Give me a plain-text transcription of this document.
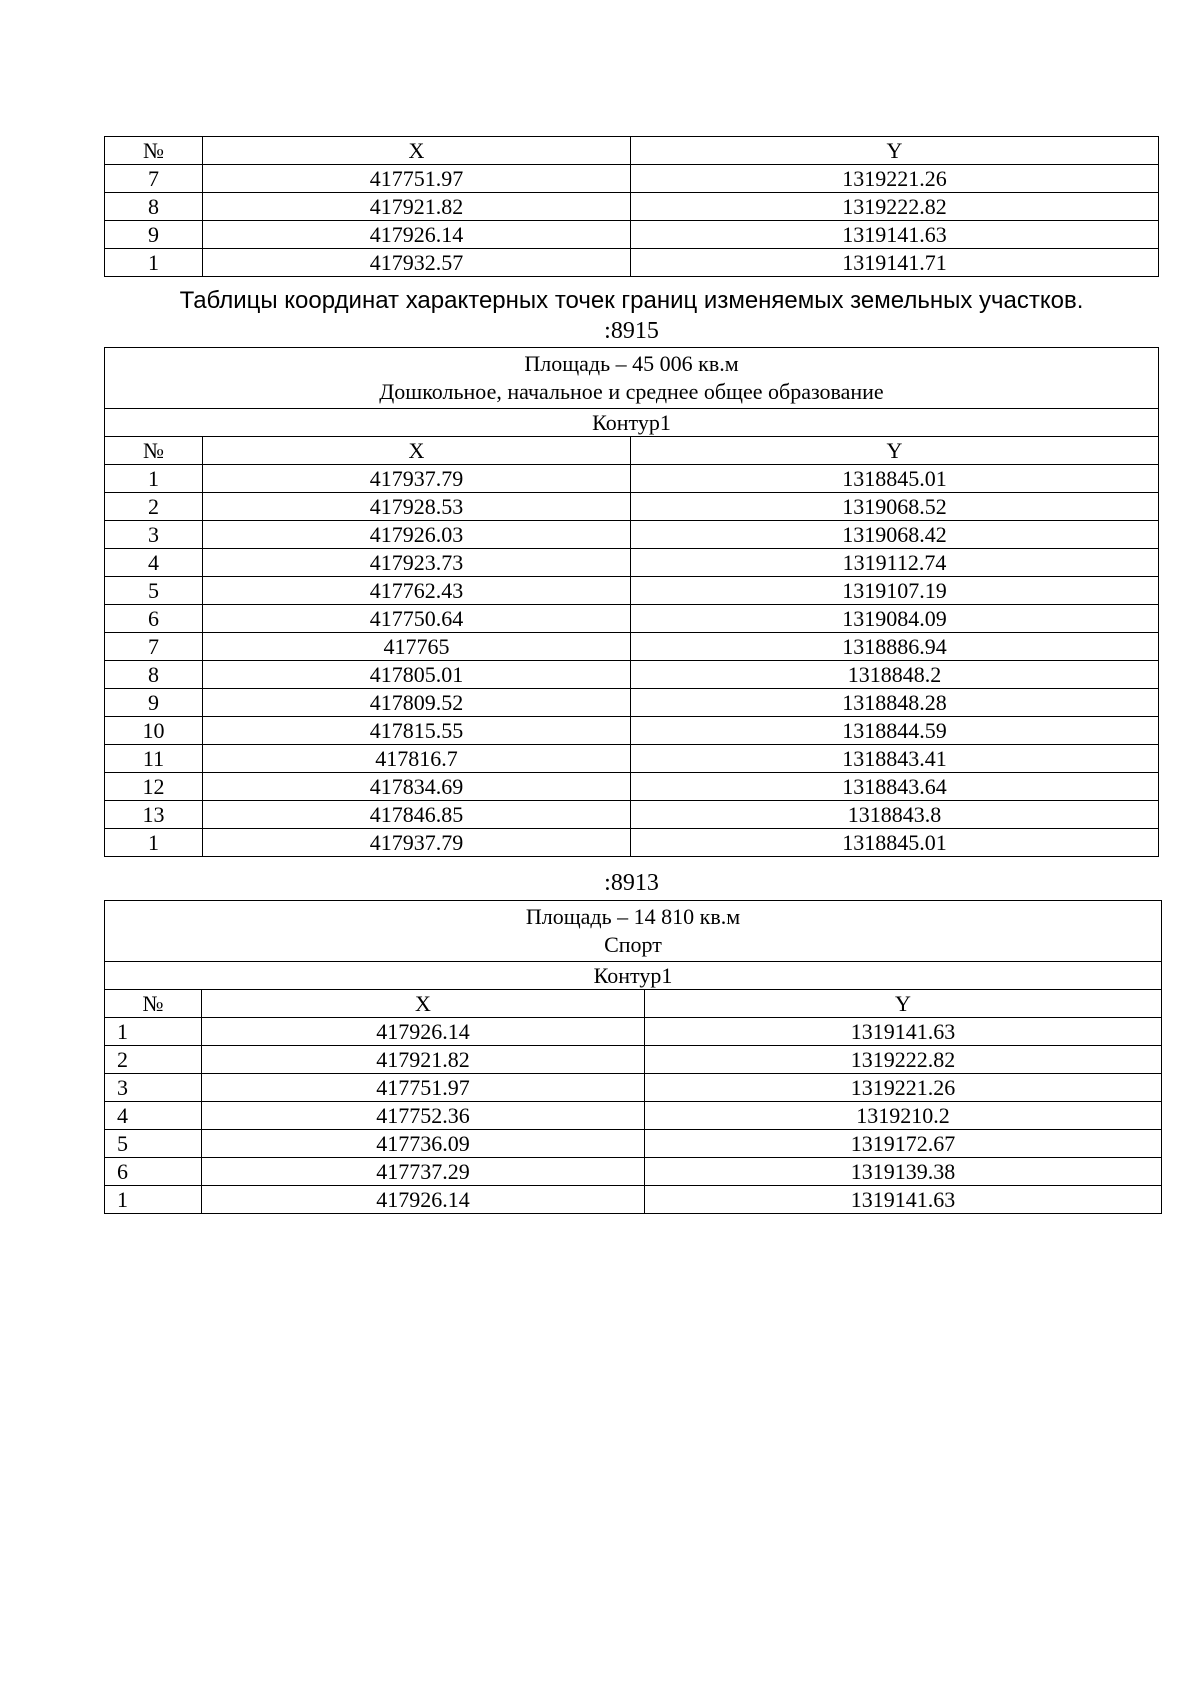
№	X	Y
7	417751.97	1319221.26
8	417921.82	1319222.82
9	417926.14	1319141.63
1	417932.57	1319141.71
Таблицы координат характерных точек границ изменяемых земельных участков.
:8915
Площадь – 45 006 кв.м
Дошкольное, начальное и среднее общее образование		

Контур1		
№	X	Y
1	417937.79	1318845.01
2	417928.53	1319068.52
3	417926.03	1319068.42
4	417923.73	1319112.74
5	417762.43	1319107.19
6	417750.64	1319084.09
7	417765	1318886.94
8	417805.01	1318848.2
9	417809.52	1318848.28
10	417815.55	1318844.59
11	417816.7	1318843.41
12	417834.69	1318843.64
13	417846.85	1318843.8
1	417937.79	1318845.01
:8913
Площадь – 14 810 кв.м
Спорт		

Контур1		
№	X	Y
1	417926.14	1319141.63
2	417921.82	1319222.82
3	417751.97	1319221.26
4	417752.36	1319210.2
5	417736.09	1319172.67
6	417737.29	1319139.38
1	417926.14	1319141.63
